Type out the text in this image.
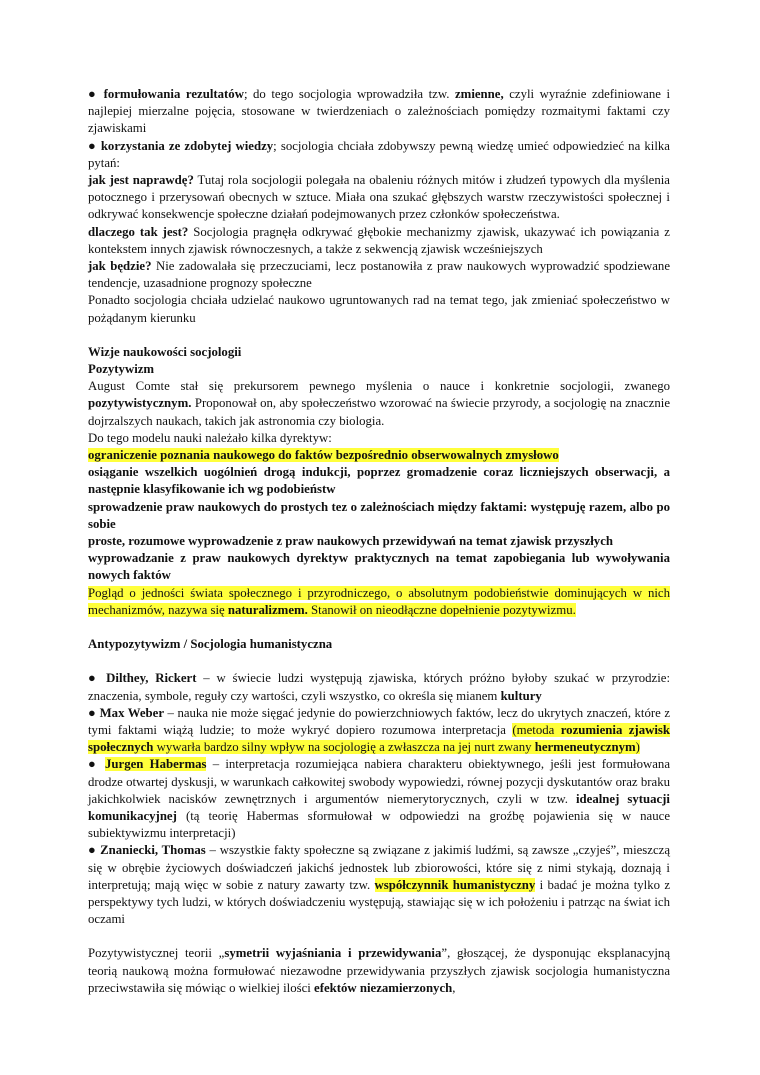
● formułowania rezultatów; do tego socjologia wprowadziła tzw. zmienne, czyli wyraźnie zdefiniowane i najlepiej mierzalne pojęcia, stosowane w twierdzeniach o zależnościach pomiędzy rozmaitymi faktami czy zjawiskami

● korzystania ze zdobytej wiedzy; socjologia chciała zdobywszy pewną wiedzę umieć odpowiedzieć na kilka pytań:

jak jest naprawdę? Tutaj rola socjologii polegała na obaleniu różnych mitów i złudzeń typowych dla myślenia potocznego i przerysowań obecnych w sztuce. Miała ona szukać głębszych warstw rzeczywistości społecznej i odkrywać konsekwencje społeczne działań podejmowanych przez członków społeczeństwa.

dlaczego tak jest? Socjologia pragnęła odkrywać głębokie mechanizmy zjawisk, ukazywać ich powiązania z kontekstem innych zjawisk równoczesnych, a także z sekwencją zjawisk wcześniejszych

jak będzie? Nie zadowalała się przeczuciami, lecz postanowiła z praw naukowych wyprowadzić spodziewane tendencje, uzasadnione prognozy społeczne

Ponadto socjologia chciała udzielać naukowo ugruntowanych rad na temat tego, jak zmieniać społeczeństwo w pożądanym kierunku

Wizje naukowości socjologii

Pozytywizm

August Comte stał się prekursorem pewnego myślenia o nauce i konkretnie socjologii, zwanego pozytywistycznym. Proponował on, aby społeczeństwo wzorować na świecie przyrody, a socjologię na znacznie dojrzalszych naukach, takich jak astronomia czy biologia.

Do tego modelu nauki należało kilka dyrektyw:

ograniczenie poznania naukowego do faktów bezpośrednio obserwowalnych zmysłowo

osiąganie wszelkich uogólnień drogą indukcji, poprzez gromadzenie coraz liczniejszych obserwacji, a następnie klasyfikowanie ich wg podobieństw

sprowadzenie praw naukowych do prostych tez o zależnościach między faktami: występuję razem, albo po sobie

proste, rozumowe wyprowadzenie z praw naukowych przewidywań na temat zjawisk przyszłych

wyprowadzanie z praw naukowych dyrektyw praktycznych na temat zapobiegania lub wywoływania nowych faktów

Pogląd o jedności świata społecznego i przyrodniczego, o absolutnym podobieństwie dominujących w nich mechanizmów, nazywa się naturalizmem. Stanowił on nieodłączne dopełnienie pozytywizmu.

Antypozytywizm / Socjologia humanistyczna

● Dilthey, Rickert – w świecie ludzi występują zjawiska, których próżno byłoby szukać w przyrodzie: znaczenia, symbole, reguły czy wartości, czyli wszystko, co określa się mianem kultury

● Max Weber – nauka nie może sięgać jedynie do powierzchniowych faktów, lecz do ukrytych znaczeń, które z tymi faktami wiążą ludzie; to może wykryć dopiero rozumowa interpretacja (metoda rozumienia zjawisk społecznych wywarła bardzo silny wpływ na socjologię a zwłaszcza na jej nurt zwany hermeneutycznym)

● Jurgen Habermas – interpretacja rozumiejąca nabiera charakteru obiektywnego, jeśli jest formułowana drodze otwartej dyskusji, w warunkach całkowitej swobody wypowiedzi, równej pozycji dyskutantów oraz braku jakichkolwiek nacisków zewnętrznych i argumentów niemerytorycznych, czyli w tzw. idealnej sytuacji komunikacyjnej (tą teorię Habermas sformułował w odpowiedzi na groźbę pojawienia się w nauce subiektywizmu interpretacji)

● Znaniecki, Thomas – wszystkie fakty społeczne są związane z jakimiś ludźmi, są zawsze „czyjeś”, mieszczą się w obrębie życiowych doświadczeń jakichś jednostek lub zbiorowości, które się z nimi stykają, doznają i interpretują; mają więc w sobie z natury zawarty tzw. współczynnik humanistyczny i badać je można tylko z perspektywy tych ludzi, w których doświadczeniu występują, stawiając się w ich położeniu i patrząc na świat ich oczami

Pozytywistycznej teorii „symetrii wyjaśniania i przewidywania”, głoszącej, że dysponując eksplanacyjną teorią naukową można formułować niezawodne przewidywania przyszłych zjawisk socjologia humanistyczna przeciwstawiła się mówiąc o wielkiej ilości efektów niezamierzonych,
